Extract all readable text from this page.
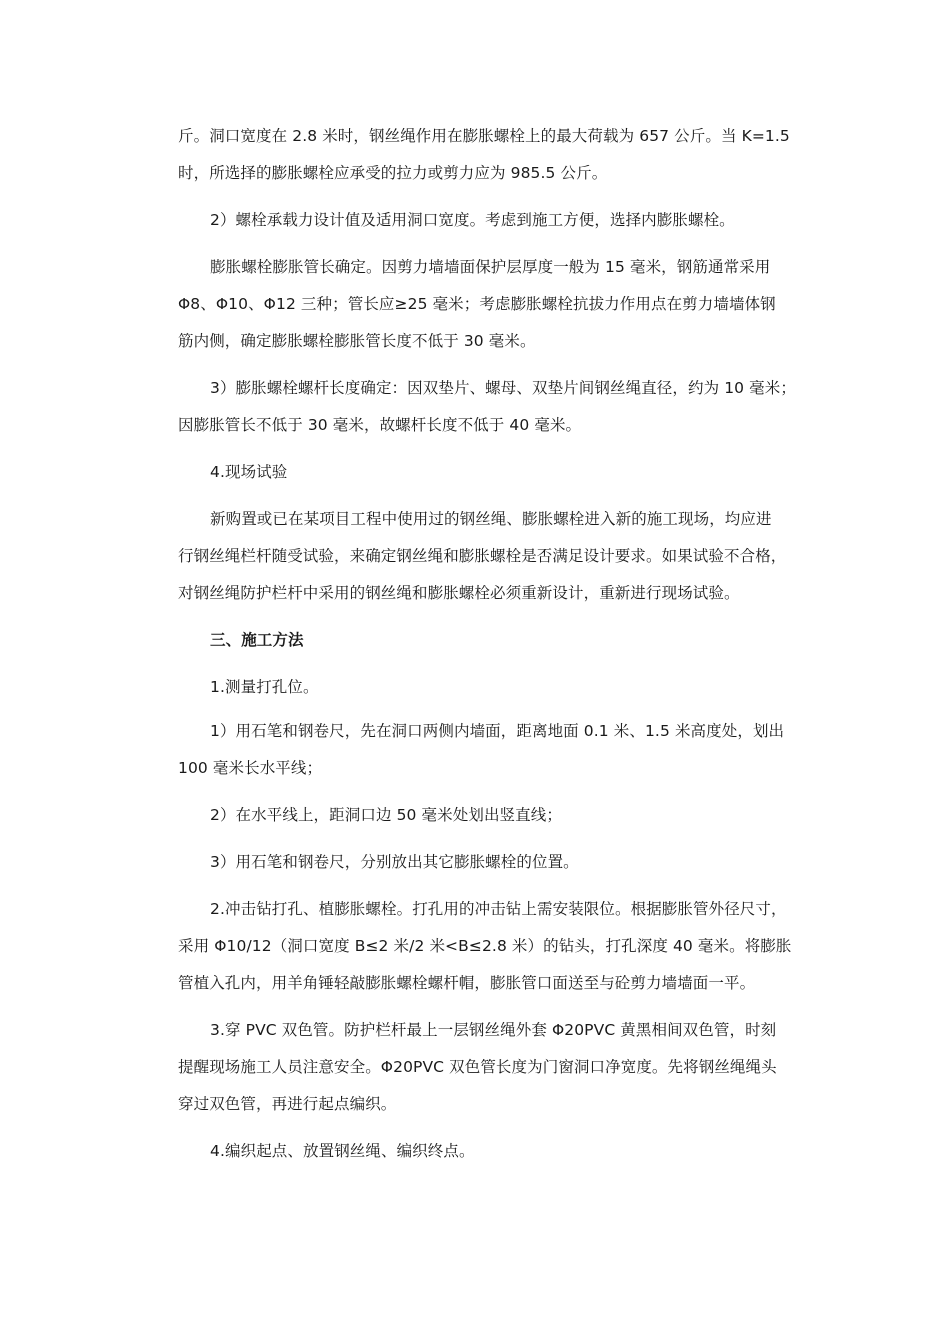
斤。洞口宽度在 2.8 米时，钢丝绳作用在膨胀螺栓上的最大荷载为 657 公斤。当 K=1.5
时，所选择的膨胀螺栓应承受的拉力或剪力应为 985.5 公斤。
2）螺栓承载力设计值及适用洞口宽度。考虑到施工方便，选择内膨胀螺栓。
膨胀螺栓膨胀管长确定。因剪力墙墙面保护层厚度一般为 15 毫米，钢筋通常采用
Φ8、Φ10、Φ12 三种；管长应≥25 毫米；考虑膨胀螺栓抗拔力作用点在剪力墙墙体钢
筋内侧，确定膨胀螺栓膨胀管长度不低于 30 毫米。
3）膨胀螺栓螺杆长度确定：因双垫片、螺母、双垫片间钢丝绳直径，约为 10 毫米；
因膨胀管长不低于 30 毫米，故螺杆长度不低于 40 毫米。
4.现场试验
新购置或已在某项目工程中使用过的钢丝绳、膨胀螺栓进入新的施工现场，均应进
行钢丝绳栏杆随受试验，来确定钢丝绳和膨胀螺栓是否满足设计要求。如果试验不合格，
对钢丝绳防护栏杆中采用的钢丝绳和膨胀螺栓必须重新设计，重新进行现场试验。
三、施工方法
1.测量打孔位。
1）用石笔和钢卷尺，先在洞口两侧内墙面，距离地面 0.1 米、1.5 米高度处，划出
100 毫米长水平线；
2）在水平线上，距洞口边 50 毫米处划出竖直线；
3）用石笔和钢卷尺，分别放出其它膨胀螺栓的位置。
2.冲击钻打孔、植膨胀螺栓。打孔用的冲击钻上需安装限位。根据膨胀管外径尺寸，
采用 Φ10/12（洞口宽度 B≤2 米/2 米<B≤2.8 米）的钻头，打孔深度 40 毫米。将膨胀
管植入孔内，用羊角锤轻敲膨胀螺栓螺杆帽，膨胀管口面送至与砼剪力墙墙面一平。
3.穿 PVC 双色管。防护栏杆最上一层钢丝绳外套 Φ20PVC 黄黑相间双色管，时刻
提醒现场施工人员注意安全。Φ20PVC 双色管长度为门窗洞口净宽度。先将钢丝绳绳头
穿过双色管，再进行起点编织。
4.编织起点、放置钢丝绳、编织终点。
